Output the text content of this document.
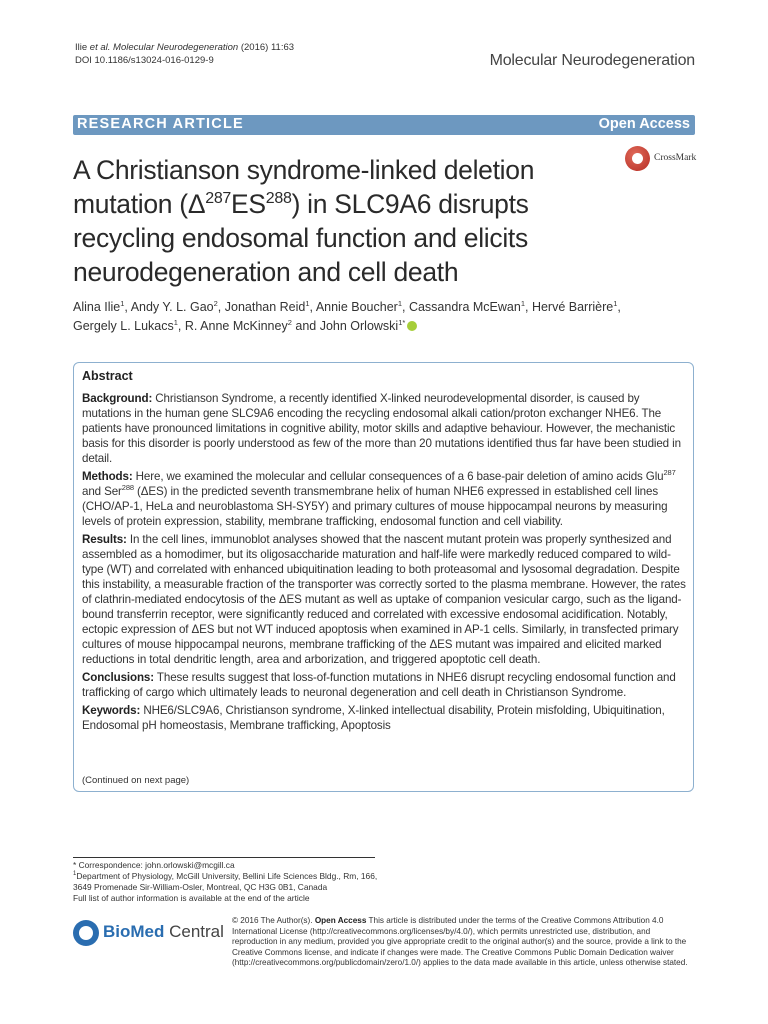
Ilie et al. Molecular Neurodegeneration (2016) 11:63
DOI 10.1186/s13024-016-0129-9	Molecular Neurodegeneration
RESEARCH ARTICLE	Open Access
CrossMark
A Christianson syndrome-linked deletion mutation $(\Delta^{287}ES^{288})$ in SLC9A6 disrupts recycling endosomal function and elicits neurodegeneration and cell death
Alina Ilie$^1$, Andy Y. L. Gao$^2$, Jonathan Reid$^1$, Annie Boucher$^1$, Cassandra McEwan$^1$, Hervé Barrière$^1$,
Gergely L. Lukacs$^1$, R. Anne McKinney$^2$ and John Orlowski$^{1*}$
Abstract

Background: Christianson Syndrome, a recently identified X-linked neurodevelopmental disorder, is caused by mutations in the human gene SLC9A6 encoding the recycling endosomal alkali cation/proton exchanger NHE6. The patients have pronounced limitations in cognitive ability, motor skills and adaptive behaviour. However, the mechanistic basis for this disorder is poorly understood as few of the more than 20 mutations identified thus far have been studied in detail.

Methods: Here, we examined the molecular and cellular consequences of a 6 base-pair deletion of amino acids Glu$^{287}$ and Ser$^{288}$ (ΔES) in the predicted seventh transmembrane helix of human NHE6 expressed in established cell lines (CHO/AP-1, HeLa and neuroblastoma SH-SY5Y) and primary cultures of mouse hippocampal neurons by measuring levels of protein expression, stability, membrane trafficking, endosomal function and cell viability.

Results: In the cell lines, immunoblot analyses showed that the nascent mutant protein was properly synthesized and assembled as a homodimer, but its oligosaccharide maturation and half-life were markedly reduced compared to wild-type (WT) and correlated with enhanced ubiquitination leading to both proteasomal and lysosomal degradation. Despite this instability, a measurable fraction of the transporter was correctly sorted to the plasma membrane. However, the rates of clathrin-mediated endocytosis of the ΔES mutant as well as uptake of companion vesicular cargo, such as the ligand-bound transferrin receptor, were significantly reduced and correlated with excessive endosomal acidification. Notably, ectopic expression of ΔES but not WT induced apoptosis when examined in AP-1 cells. Similarly, in transfected primary cultures of mouse hippocampal neurons, membrane trafficking of the ΔES mutant was impaired and elicited marked reductions in total dendritic length, area and arborization, and triggered apoptotic cell death.

Conclusions: These results suggest that loss-of-function mutations in NHE6 disrupt recycling endosomal function and trafficking of cargo which ultimately leads to neuronal degeneration and cell death in Christianson Syndrome.

Keywords: NHE6/SLC9A6, Christianson syndrome, X-linked intellectual disability, Protein misfolding, Ubiquitination, Endosomal pH homeostasis, Membrane trafficking, Apoptosis

(Continued on next page)
* Correspondence: john.orlowski@mcgill.ca
$^1$Department of Physiology, McGill University, Bellini Life Sciences Bldg., Rm, 166, 3649 Promenade Sir-William-Osler, Montreal, QC H3G 0B1, Canada
Full list of author information is available at the end of the article
BioMed Central
© 2016 The Author(s). Open Access This article is distributed under the terms of the Creative Commons Attribution 4.0 International License (http://creativecommons.org/licenses/by/4.0/), which permits unrestricted use, distribution, and reproduction in any medium, provided you give appropriate credit to the original author(s) and the source, provide a link to the Creative Commons license, and indicate if changes were made. The Creative Commons Public Domain Dedication waiver (http://creativecommons.org/publicdomain/zero/1.0/) applies to the data made available in this article, unless otherwise stated.
